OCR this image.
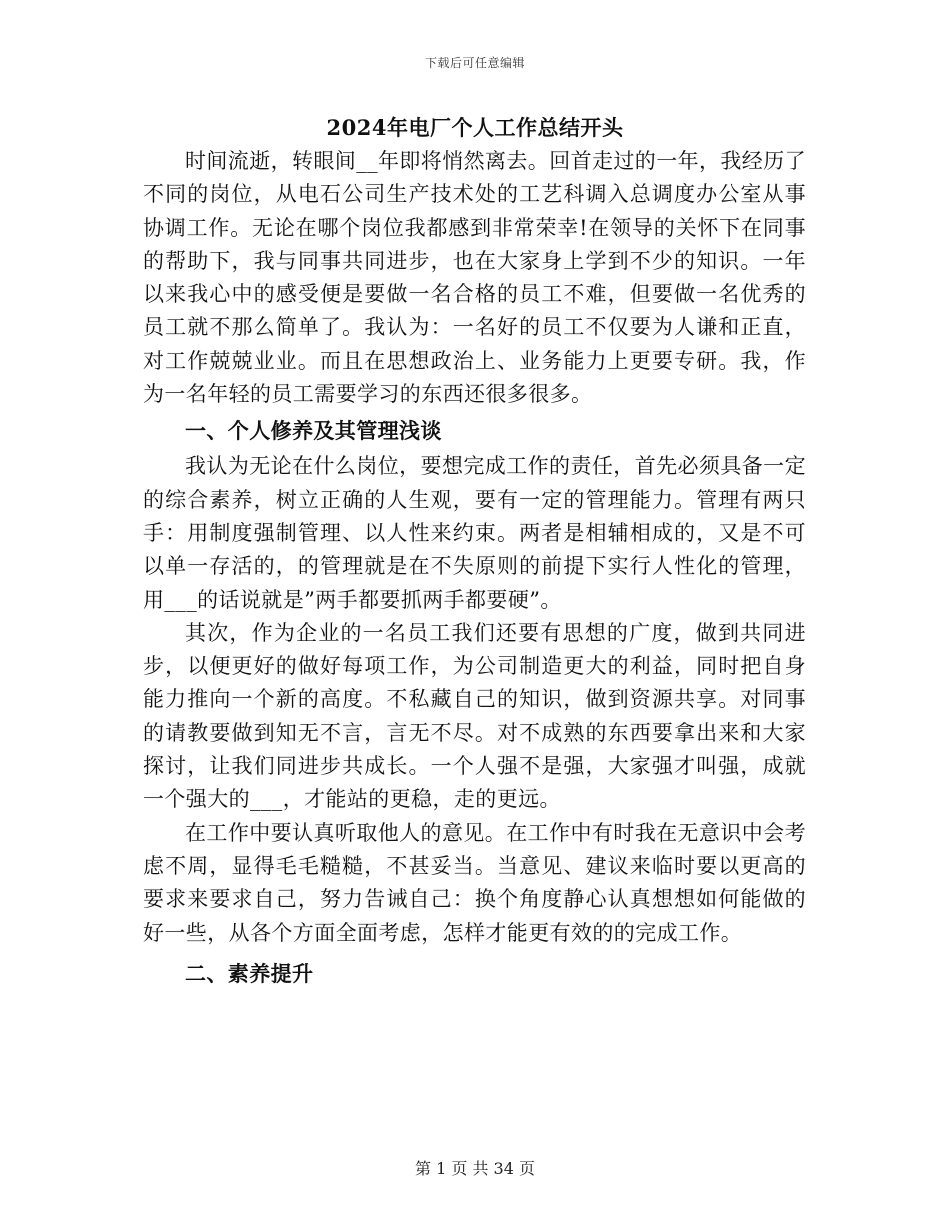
下载后可任意编辑
2024年电厂个人工作总结开头

时间流逝，转眼间__年即将悄然离去。回首走过的一年，我经历了不同的岗位，从电石公司生产技术处的工艺科调入总调度办公室从事协调工作。无论在哪个岗位我都感到非常荣幸!在领导的关怀下在同事的帮助下，我与同事共同进步，也在大家身上学到不少的知识。一年以来我心中的感受便是要做一名合格的员工不难，但要做一名优秀的员工就不那么简单了。我认为：一名好的员工不仅要为人谦和正直，对工作兢兢业业。而且在思想政治上、业务能力上更要专研。我，作为一名年轻的员工需要学习的东西还很多很多。

一、个人修养及其管理浅谈

我认为无论在什么岗位，要想完成工作的责任，首先必须具备一定的综合素养，树立正确的人生观，要有一定的管理能力。管理有两只手：用制度强制管理、以人性来约束。两者是相辅相成的，又是不可以单一存活的，的管理就是在不失原则的前提下实行人性化的管理，用___的话说就是”两手都要抓两手都要硬”。

其次，作为企业的一名员工我们还要有思想的广度，做到共同进步，以便更好的做好每项工作，为公司制造更大的利益，同时把自身能力推向一个新的高度。不私藏自己的知识，做到资源共享。对同事的请教要做到知无不言，言无不尽。对不成熟的东西要拿出来和大家探讨，让我们同进步共成长。一个人强不是强，大家强才叫强，成就一个强大的___，才能站的更稳，走的更远。

在工作中要认真听取他人的意见。在工作中有时我在无意识中会考虑不周，显得毛毛糙糙，不甚妥当。当意见、建议来临时要以更高的要求来要求自己，努力告诫自己：换个角度静心认真想想如何能做的好一些，从各个方面全面考虑，怎样才能更有效的的完成工作。

二、素养提升
第 1 页 共 34 页
